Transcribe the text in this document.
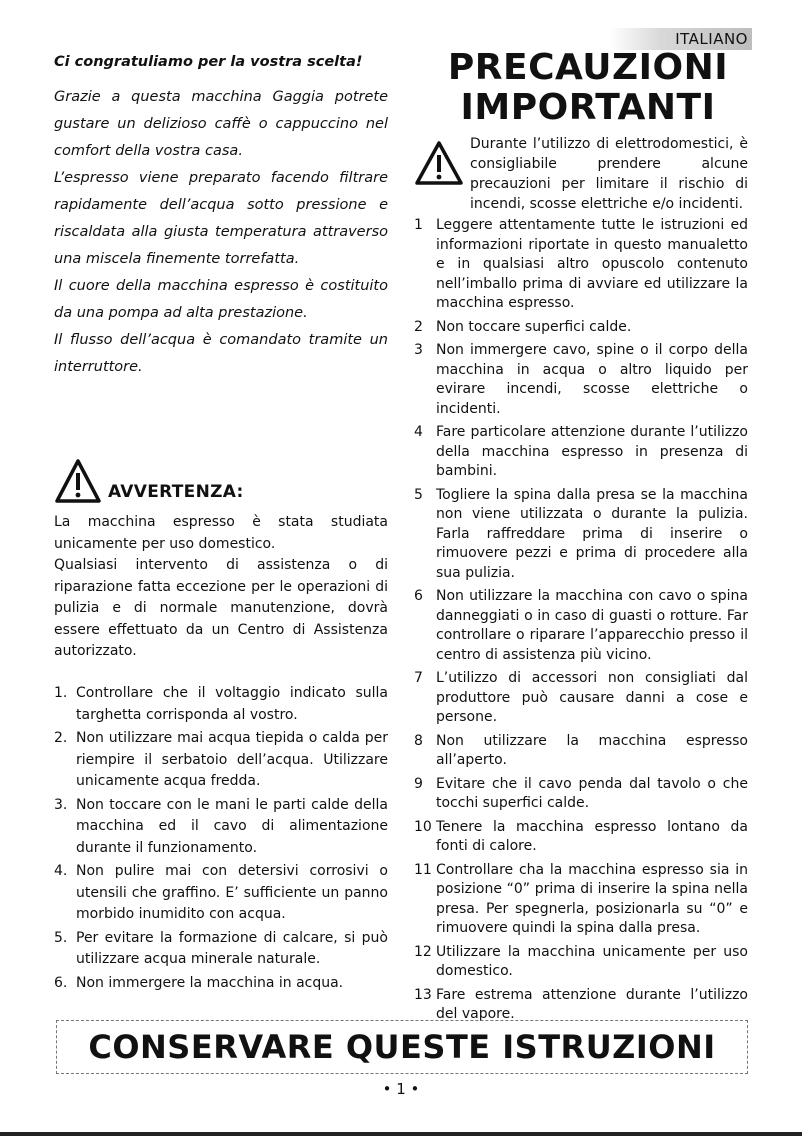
ITALIANO
Ci congratuliamo per la vostra scelta!

Grazie a questa macchina Gaggia potrete gustare un delizioso caffè o cappuccino nel comfort della vostra casa.

L’espresso viene preparato facendo filtrare rapidamente dell’acqua sotto pressione e riscaldata alla giusta temperatura attraverso una miscela finemente torrefatta.

Il cuore della macchina espresso è costituito da una pompa ad alta prestazione.

Il flusso dell’acqua è comandato tramite un interruttore.

AVVERTENZA:

La macchina espresso è stata studiata unicamente per uso domestico.

Qualsiasi intervento di assistenza o di riparazione fatta eccezione per le operazioni di pulizia e di normale manutenzione, dovrà essere effettuato da un Centro di Assistenza autorizzato.

1. Controllare che il voltaggio indicato sulla targhetta corrisponda al vostro.
2. Non utilizzare mai acqua tiepida o calda per riempire il serbatoio dell’acqua. Utilizzare unicamente acqua fredda.
3. Non toccare con le mani le parti calde della macchina ed il cavo di alimentazione durante il funzionamento.
4. Non pulire mai con detersivi corrosivi o utensili che graffino. E’ sufficiente un panno morbido inumidito con acqua.
5. Per evitare la formazione di calcare, si può utilizzare acqua minerale naturale.
6. Non immergere la macchina in acqua.
PRECAUZIONI
IMPORTANTI
Durante l’utilizzo di elettrodomestici, è consigliabile prendere alcune precauzioni per limitare il rischio di incendi, scosse elettriche e/o incidenti.
1 Leggere attentamente tutte le istruzioni ed informazioni riportate in questo manualetto e in qualsiasi altro opuscolo contenuto nell’imballo prima di avviare ed utilizzare la macchina espresso.
2 Non toccare superfici calde.
3 Non immergere cavo, spine o il corpo della macchina in acqua o altro liquido per evirare incendi, scosse elettriche o incidenti.
4 Fare particolare attenzione durante l’utilizzo della macchina espresso in presenza di bambini.
5 Togliere la spina dalla presa se la macchina non viene utilizzata o durante la pulizia. Farla raffreddare prima di inserire o rimuovere pezzi e prima di procedere alla sua pulizia.
6 Non utilizzare la macchina con cavo o spina danneggiati o in caso di guasti o rotture. Far controllare o riparare l’apparecchio presso il centro di assistenza più vicino.
7 L’utilizzo di accessori non consigliati dal produttore può causare danni a cose e persone.
8 Non utilizzare la macchina espresso all’aperto.
9 Evitare che il cavo penda dal tavolo o che tocchi superfici calde.
10 Tenere la macchina espresso lontano da fonti di calore.
11 Controllare cha la macchina espresso sia in posizione “0” prima di inserire la spina nella presa. Per spegnerla, posizionarla su “0” e rimuovere quindi la spina dalla presa.
12 Utilizzare la macchina unicamente per uso domestico.
13 Fare estrema attenzione durante l’utilizzo del vapore.
CONSERVARE QUESTE ISTRUZIONI
• 1 •
